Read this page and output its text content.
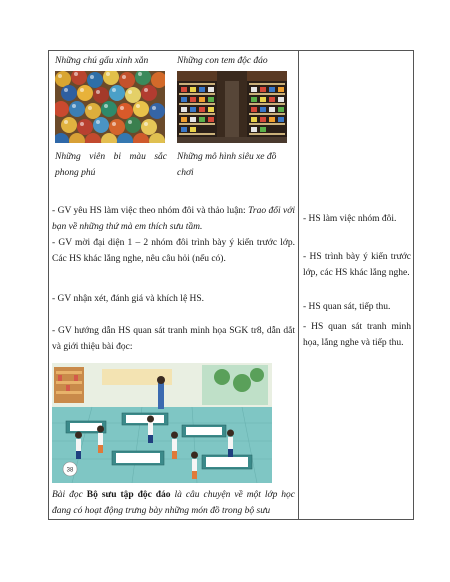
Những chú gấu xinh xắn	Những con tem độc đáo
Những viên bi màu sắc phong phú
Những mô hình siêu xe đồ chơi
- GV yêu HS làm việc theo nhóm đôi và thảo luận: Trao đổi với bạn về những thứ mà em thích sưu tầm.
- GV mời đại diện 1 – 2 nhóm đôi trình bày ý kiến trước lớp. Các HS khác lắng nghe, nêu câu hỏi (nếu có).
- GV nhận xét, đánh giá và khích lệ HS.
- GV hướng dẫn HS quan sát tranh minh họa SGK tr8, dẫn dắt và giới thiệu bài đọc:
38
Bài đọc Bộ sưu tập độc đáo là câu chuyện về một lớp học đang có hoạt động trưng bày những món đồ trong bộ sưu
- HS làm việc nhóm đôi.
- HS trình bày ý kiến trước lớp, các HS khác lắng nghe.
- HS quan sát, tiếp thu.
- HS quan sát tranh minh họa, lắng nghe và tiếp thu.
